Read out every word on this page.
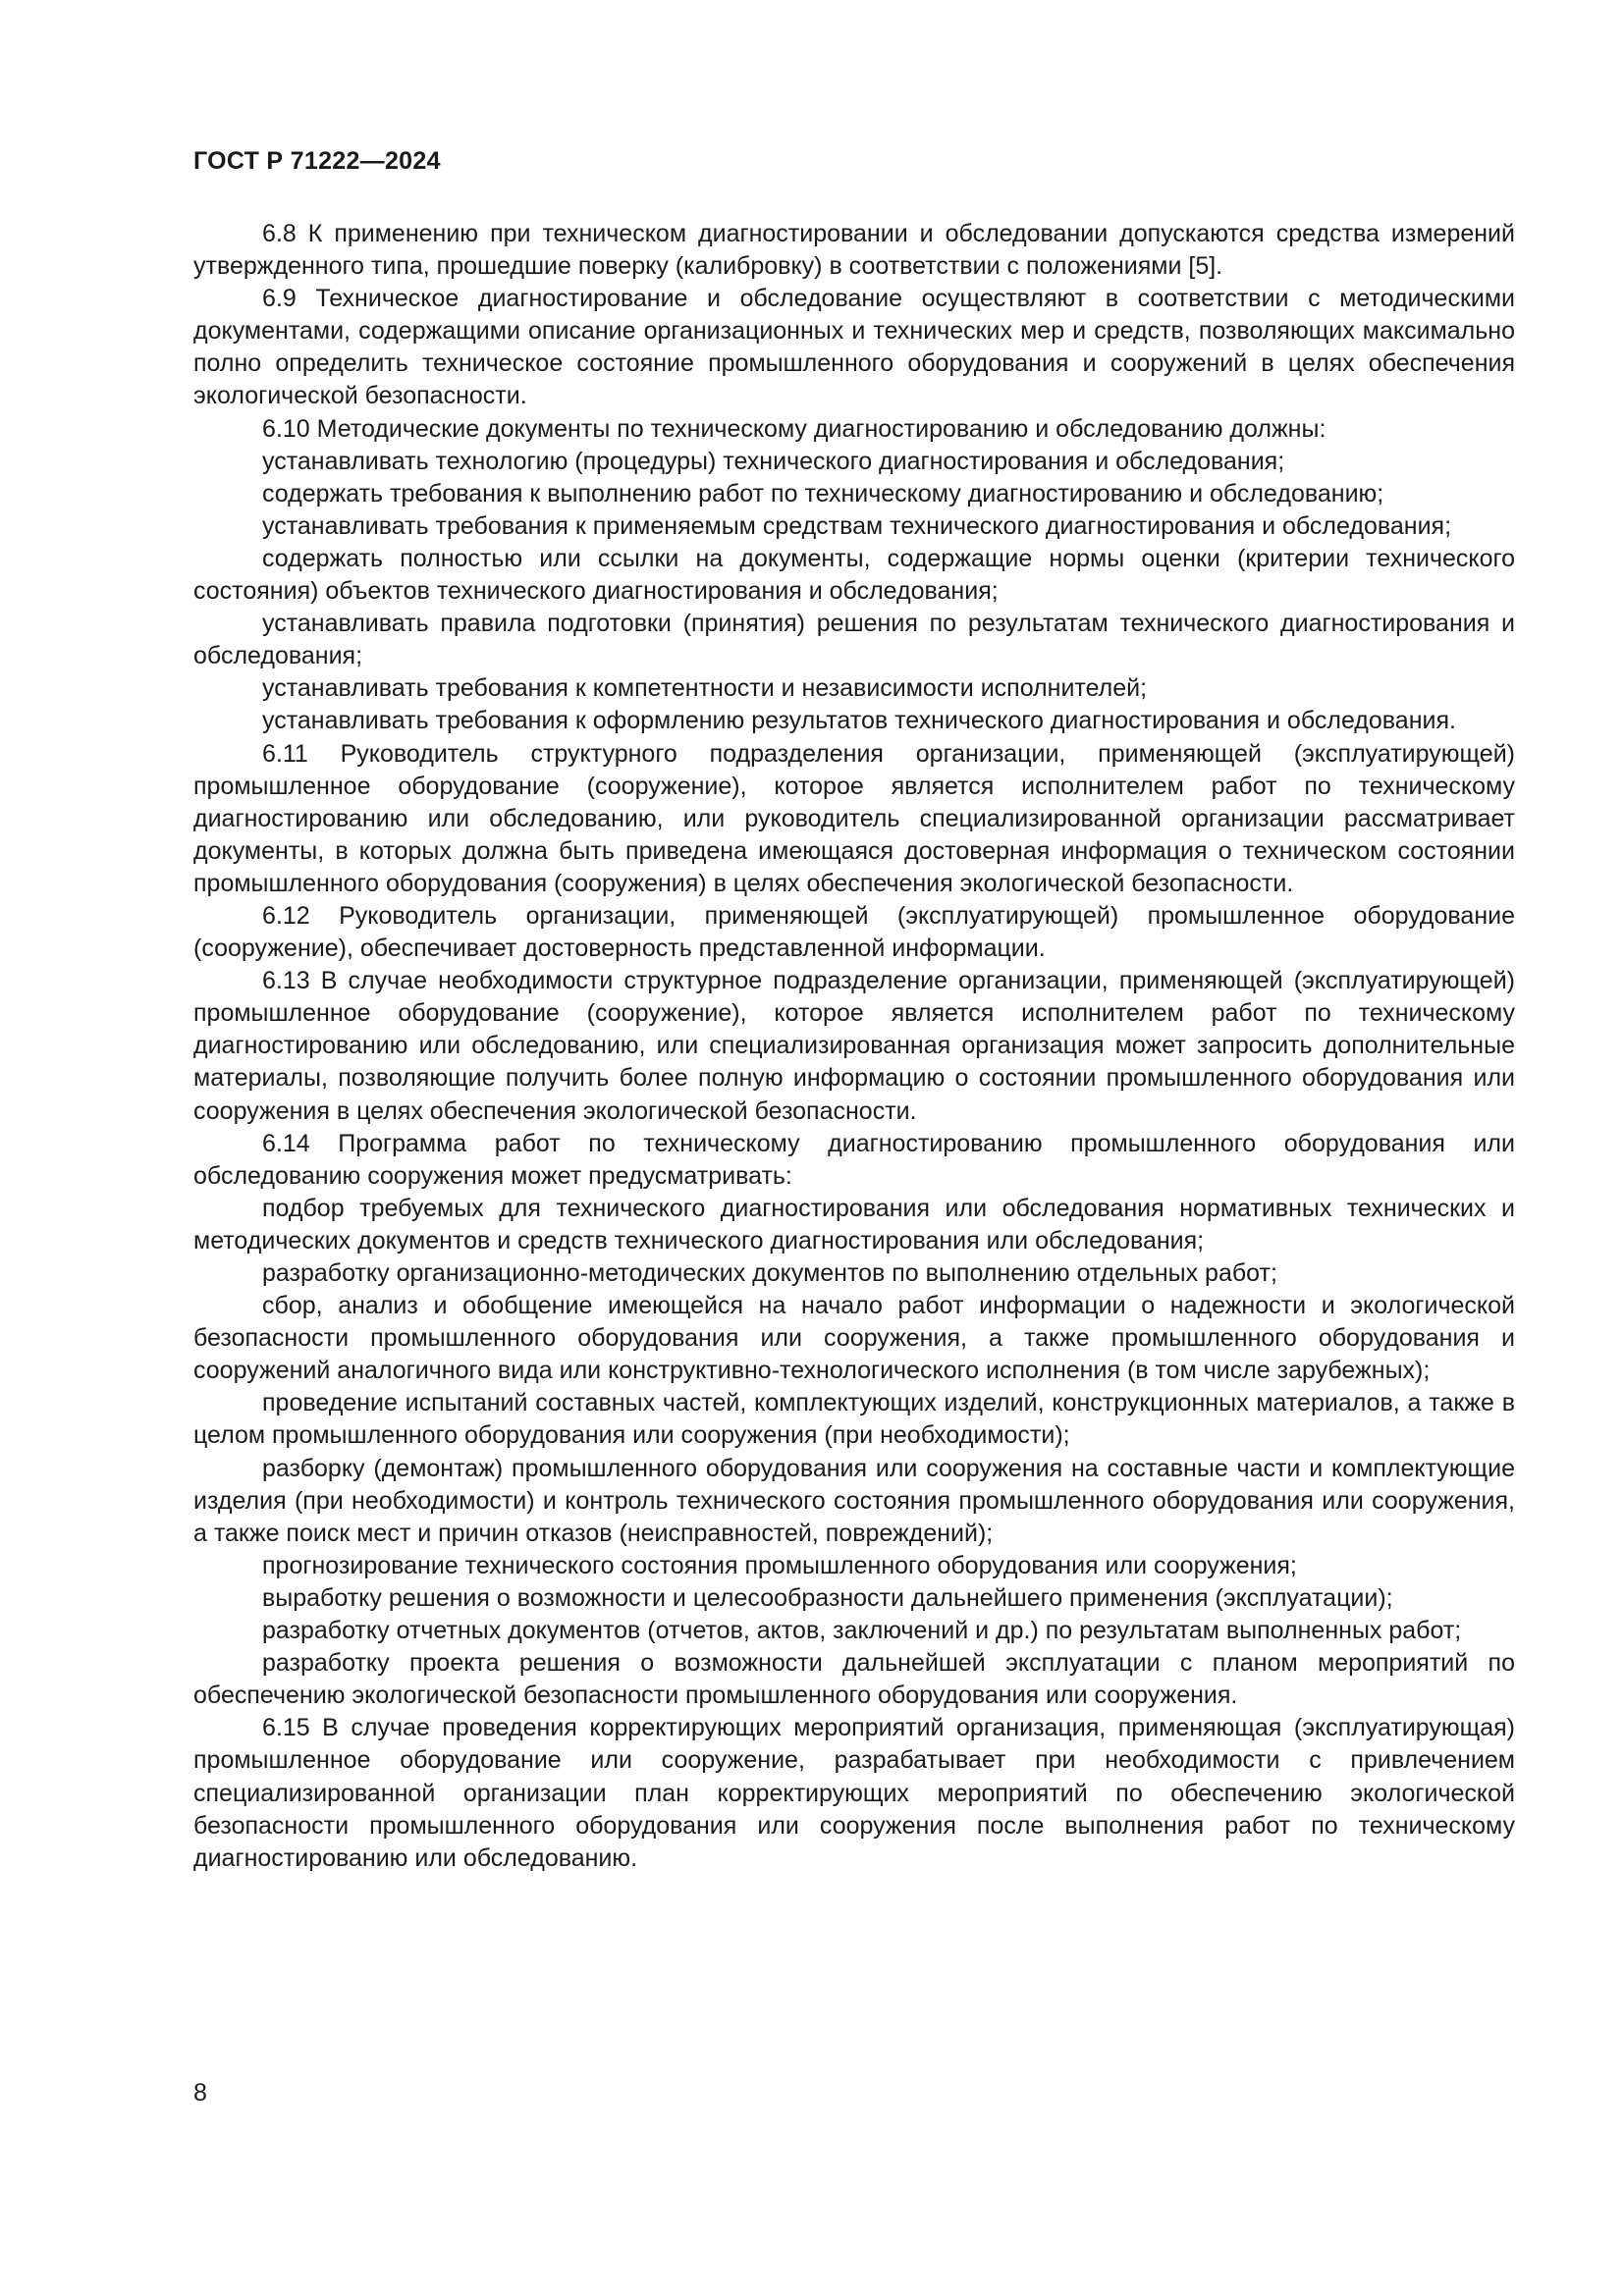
ГОСТ Р 71222—2024

6.8 К применению при техническом диагностировании и обследовании допускаются средства измерений утвержденного типа, прошедшие поверку (калибровку) в соответствии с положениями [5].

6.9 Техническое диагностирование и обследование осуществляют в соответствии с методическими документами, содержащими описание организационных и технических мер и средств, позволяющих максимально полно определить техническое состояние промышленного оборудования и сооружений в целях обеспечения экологической безопасности.

6.10 Методические документы по техническому диагностированию и обследованию должны:

устанавливать технологию (процедуры) технического диагностирования и обследования;

содержать требования к выполнению работ по техническому диагностированию и обследованию;

устанавливать требования к применяемым средствам технического диагностирования и обследования;

содержать полностью или ссылки на документы, содержащие нормы оценки (критерии технического состояния) объектов технического диагностирования и обследования;

устанавливать правила подготовки (принятия) решения по результатам технического диагностирования и обследования;

устанавливать требования к компетентности и независимости исполнителей;

устанавливать требования к оформлению результатов технического диагностирования и обследования.

6.11 Руководитель структурного подразделения организации, применяющей (эксплуатирующей) промышленное оборудование (сооружение), которое является исполнителем работ по техническому диагностированию или обследованию, или руководитель специализированной организации рассматривает документы, в которых должна быть приведена имеющаяся достоверная информация о техническом состоянии промышленного оборудования (сооружения) в целях обеспечения экологической безопасности.

6.12 Руководитель организации, применяющей (эксплуатирующей) промышленное оборудование (сооружение), обеспечивает достоверность представленной информации.

6.13 В случае необходимости структурное подразделение организации, применяющей (эксплуатирующей) промышленное оборудование (сооружение), которое является исполнителем работ по техническому диагностированию или обследованию, или специализированная организация может запросить дополнительные материалы, позволяющие получить более полную информацию о состоянии промышленного оборудования или сооружения в целях обеспечения экологической безопасности.

6.14 Программа работ по техническому диагностированию промышленного оборудования или обследованию сооружения может предусматривать:

подбор требуемых для технического диагностирования или обследования нормативных технических и методических документов и средств технического диагностирования или обследования;

разработку организационно-методических документов по выполнению отдельных работ;

сбор, анализ и обобщение имеющейся на начало работ информации о надежности и экологической безопасности промышленного оборудования или сооружения, а также промышленного оборудования и сооружений аналогичного вида или конструктивно-технологического исполнения (в том числе зарубежных);

проведение испытаний составных частей, комплектующих изделий, конструкционных материалов, а также в целом промышленного оборудования или сооружения (при необходимости);

разборку (демонтаж) промышленного оборудования или сооружения на составные части и комплектующие изделия (при необходимости) и контроль технического состояния промышленного оборудования или сооружения, а также поиск мест и причин отказов (неисправностей, повреждений);

прогнозирование технического состояния промышленного оборудования или сооружения;

выработку решения о возможности и целесообразности дальнейшего применения (эксплуатации);

разработку отчетных документов (отчетов, актов, заключений и др.) по результатам выполненных работ;

разработку проекта решения о возможности дальнейшей эксплуатации с планом мероприятий по обеспечению экологической безопасности промышленного оборудования или сооружения.

6.15 В случае проведения корректирующих мероприятий организация, применяющая (эксплуатирующая) промышленное оборудование или сооружение, разрабатывает при необходимости с привлечением специализированной организации план корректирующих мероприятий по обеспечению экологической безопасности промышленного оборудования или сооружения после выполнения работ по техническому диагностированию или обследованию.

8
